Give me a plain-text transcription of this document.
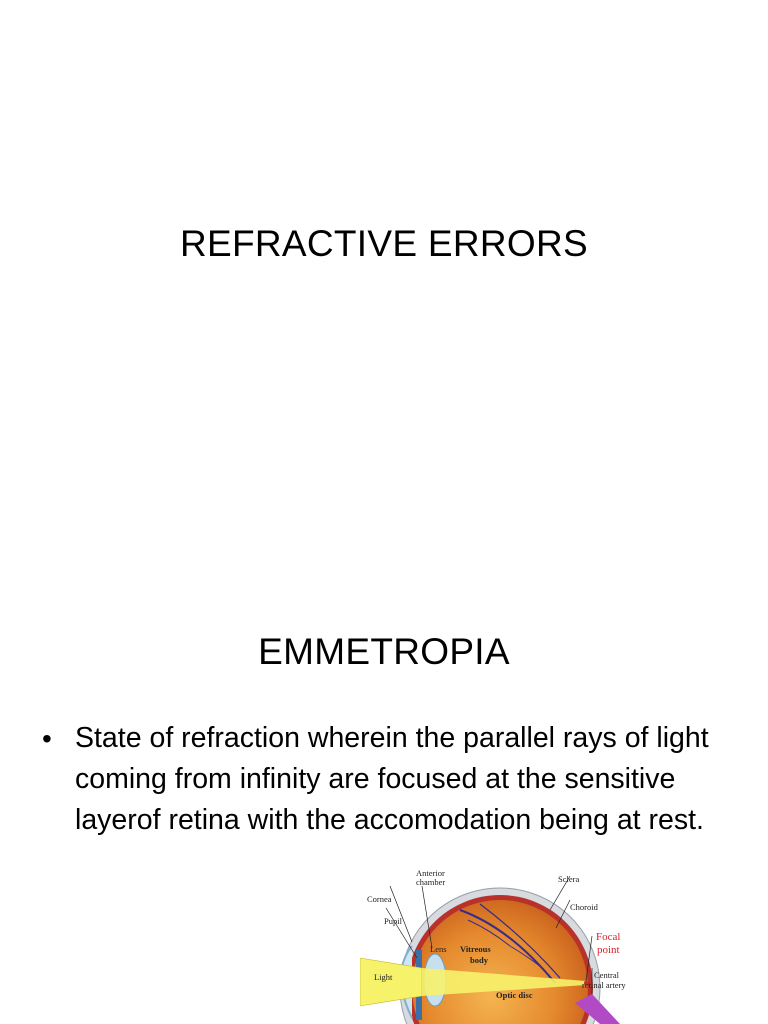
REFRACTIVE ERRORS
EMMETROPIA
• State of refraction wherein the parallel rays of light coming from infinity are focused at the sensitive layerof retina with the accomodation being at rest.
Anterior
chamber
Cornea
Pupil
Lens
Light
Vitreous
body
Optic disc
Sclera
Choroid
Focal
point
Central
retinal artery
